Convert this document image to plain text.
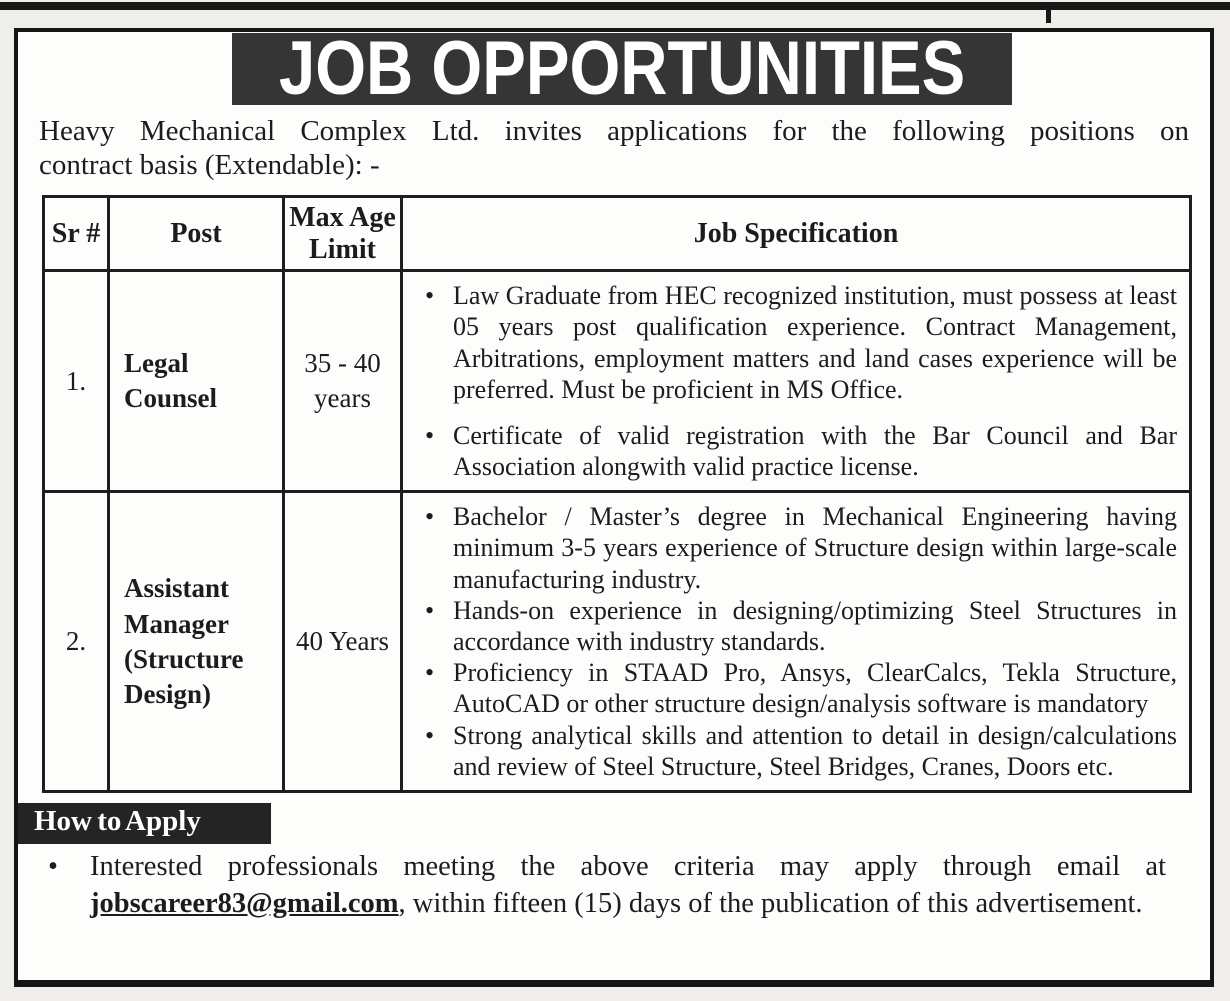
JOB OPPORTUNITIES
Heavy Mechanical Complex Ltd. invites applications for the following positions on
contract basis (Extendable): -
Sr #	Post	Max Age Limit	Job Specification
1.	Legal Counsel	35 - 40 years	
• Law Graduate from HEC recognized institution, must possess at least 05 years post qualification experience. Contract Management, Arbitrations, employment matters and land cases experience will be preferred. Must be proficient in MS Office.
• Certificate of valid registration with the Bar Council and Bar Association alongwith valid practice license.

2.	Assistant Manager (Structure Design)	40 Years	
• Bachelor / Master’s degree in Mechanical Engineering having minimum 3-5 years experience of Structure design within large-scale manufacturing industry.
• Hands-on experience in designing/optimizing Steel Structures in accordance with industry standards.
• Proficiency in STAAD Pro, Ansys, ClearCalcs, Tekla Structure, AutoCAD or other structure design/analysis software is mandatory
• Strong analytical skills and attention to detail in design/calculations and review of Steel Structure, Steel Bridges, Cranes, Doors etc.
How to Apply
• Interested professionals meeting the above criteria may apply through email at jobscareer83@gmail.com, within fifteen (15) days of the publication of this advertisement.
